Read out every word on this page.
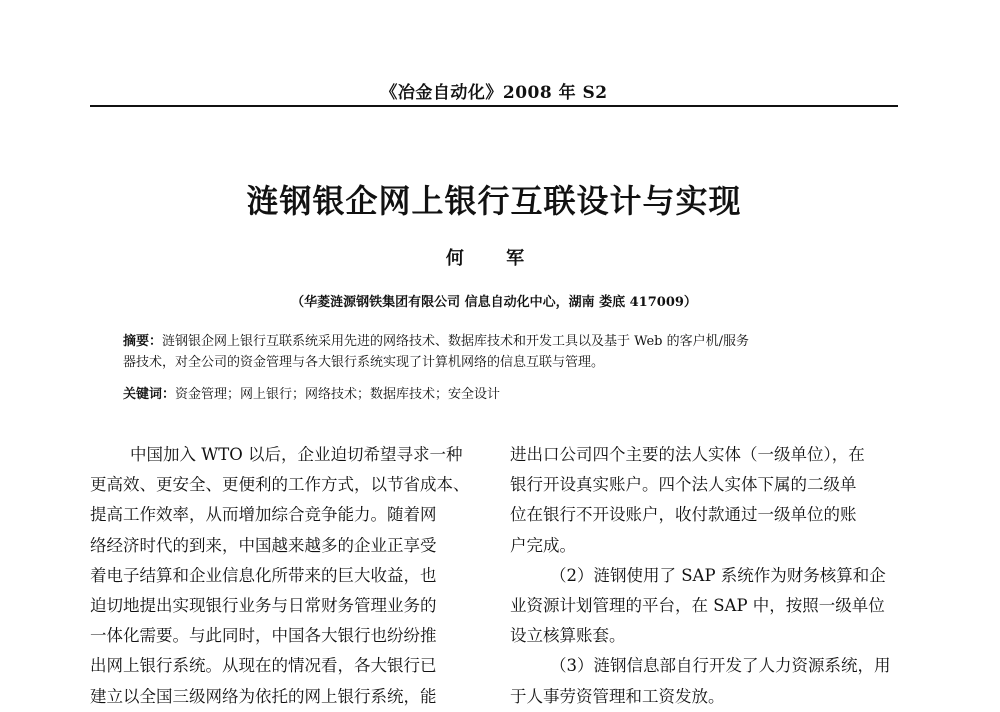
《冶金自动化》2008 年 S2
涟钢银企网上银行互联设计与实现
何 军
（华菱涟源钢铁集团有限公司 信息自动化中心，湖南 娄底 417009）
摘要：涟钢银企网上银行互联系统采用先进的网络技术、数据库技术和开发工具以及基于 Web 的客户机/服务
器技术，对全公司的资金管理与各大银行系统实现了计算机网络的信息互联与管理。
关键词：资金管理；网上银行；网络技术；数据库技术；安全设计
中国加入 WTO 以后，企业迫切希望寻求一种
更高效、更安全、更便利的工作方式，以节省成本、
提高工作效率，从而增加综合竞争能力。随着网
络经济时代的到来，中国越来越多的企业正享受
着电子结算和企业信息化所带来的巨大收益，也
迫切地提出实现银行业务与日常财务管理业务的
一体化需要。与此同时，中国各大银行也纷纷推
出网上银行系统。从现在的情况看，各大银行已
建立以全国三级网络为依托的网上银行系统，能
进出口公司四个主要的法人实体（一级单位），在
银行开设真实账户。四个法人实体下属的二级单
位在银行不开设账户，收付款通过一级单位的账
户完成。
（2）涟钢使用了 SAP 系统作为财务核算和企
业资源计划管理的平台，在 SAP 中，按照一级单位
设立核算账套。
（3）涟钢信息部自行开发了人力资源系统，用
于人事劳资管理和工资发放。
